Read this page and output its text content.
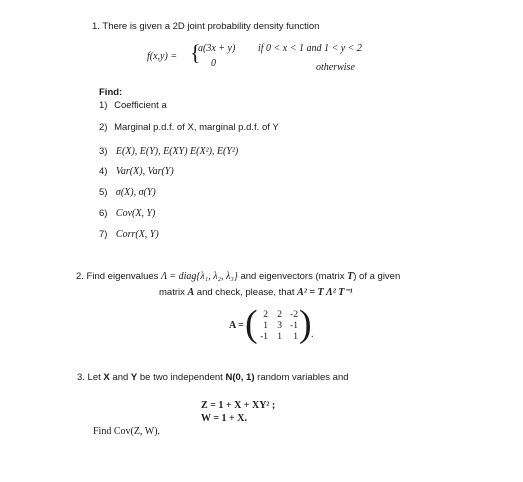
1. There is given a 2D joint probability density function
f(x,y) = {
a(3x + y) if 0 < x < 1 and 1 < y < 2
0	otherwise
Find:
1) Coefficient a
2) Marginal p.d.f. of X, marginal p.d.f. of Y
3) E(X), E(Y), E(XY) E(X²), E(Y²)
4) Var(X), Var(Y)
5) σ(X), σ(Y)
6) Cov(X, Y)
7) Corr(X, Y)
2. Find eigenvalues Λ = diag{λ₁, λ₂, λ₃} and eigenvectors (matrix T) of a given
matrix A and check, please, that A² = T Λ² T⁻¹
A = ( 2 2 -2
1 3 -1
-1 1	1 ) .
3. Let X and Y be two independent N(0, 1) random variables and
Z = 1 + X + XY² ;
W = 1 + X.
Find Cov(Z, W).
